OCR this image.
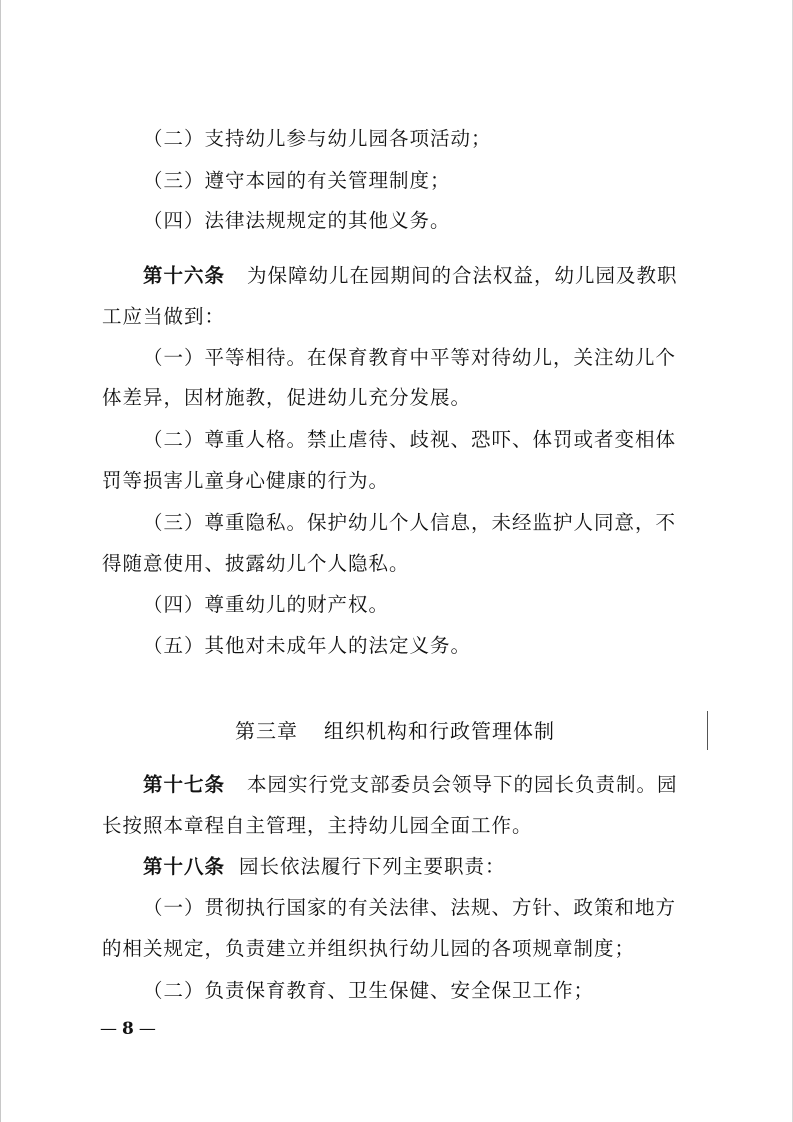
（二）支持幼儿参与幼儿园各项活动；
（三）遵守本园的有关管理制度；
（四）法律法规规定的其他义务。
第十六条 为保障幼儿在园期间的合法权益，幼儿园及教职
工应当做到：
（一）平等相待。在保育教育中平等对待幼儿，关注幼儿个
体差异，因材施教，促进幼儿充分发展。
（二）尊重人格。禁止虐待、歧视、恐吓、体罚或者变相体
罚等损害儿童身心健康的行为。
（三）尊重隐私。保护幼儿个人信息，未经监护人同意，不
得随意使用、披露幼儿个人隐私。
（四）尊重幼儿的财产权。
（五）其他对未成年人的法定义务。
第三章 组织机构和行政管理体制
第十七条 本园实行党支部委员会领导下的园长负责制。园
长按照本章程自主管理，主持幼儿园全面工作。
第十八条 园长依法履行下列主要职责：
（一）贯彻执行国家的有关法律、法规、方针、政策和地方
的相关规定，负责建立并组织执行幼儿园的各项规章制度；
（二）负责保育教育、卫生保健、安全保卫工作；
— 8 —
